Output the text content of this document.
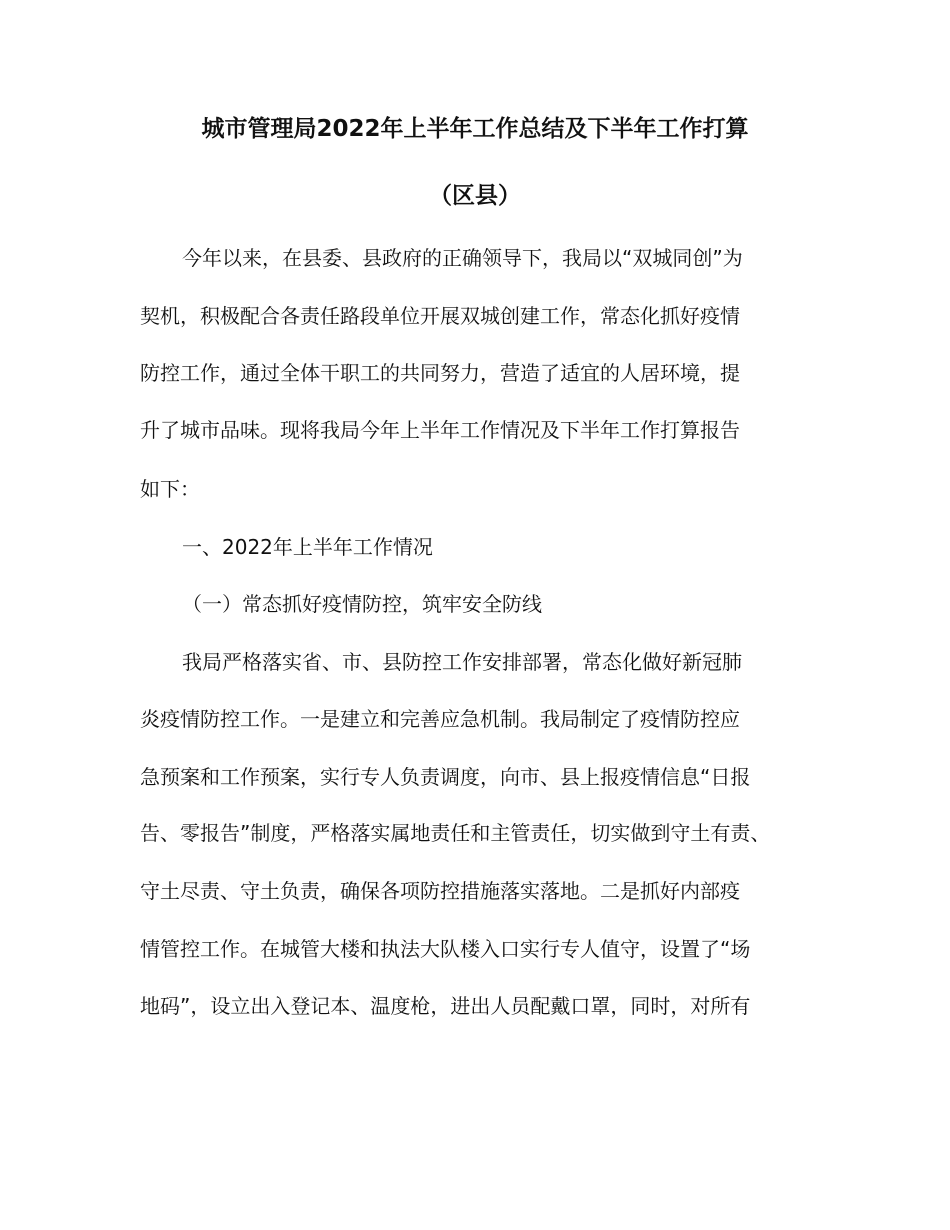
城市管理局2022年上半年工作总结及下半年工作打算
（区县）

今年以来，在县委、县政府的正确领导下，我局以“双城同创”为

契机，积极配合各责任路段单位开展双城创建工作，常态化抓好疫情

防控工作，通过全体干职工的共同努力，营造了适宜的人居环境，提

升了城市品味。现将我局今年上半年工作情况及下半年工作打算报告

如下：

一、2022年上半年工作情况

（一）常态抓好疫情防控，筑牢安全防线

我局严格落实省、市、县防控工作安排部署，常态化做好新冠肺

炎疫情防控工作。一是建立和完善应急机制。我局制定了疫情防控应

急预案和工作预案，实行专人负责调度，向市、县上报疫情信息“日报

告、零报告”制度，严格落实属地责任和主管责任，切实做到守土有责、

守土尽责、守土负责，确保各项防控措施落实落地。二是抓好内部疫

情管控工作。在城管大楼和执法大队楼入口实行专人值守，设置了“场

地码”，设立出入登记本、温度枪，进出人员配戴口罩，同时，对所有
